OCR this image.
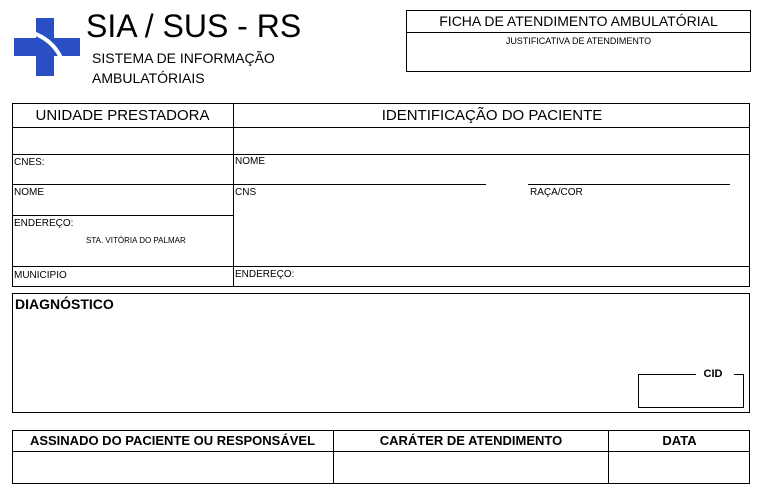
SIA / SUS - RS
SISTEMA DE INFORMAÇÃO
AMBULATÓRIAIS
FICHA DE ATENDIMENTO AMBULATÓRIAL
JUSTIFICATIVA DE ATENDIMENTO
UNIDADE PRESTADORA	IDENTIFICAÇÃO DO PACIENTE
CNES:
NOME
ENDEREÇO:
STA. VITÓRIA DO PALMAR
MUNICIPIO
NOME
CNS	RAÇA/COR
ENDEREÇO:
DIAGNÓSTICO
CID
ASSINADO DO PACIENTE OU RESPONSÁVEL	CARÁTER DE ATENDIMENTO	DATA
